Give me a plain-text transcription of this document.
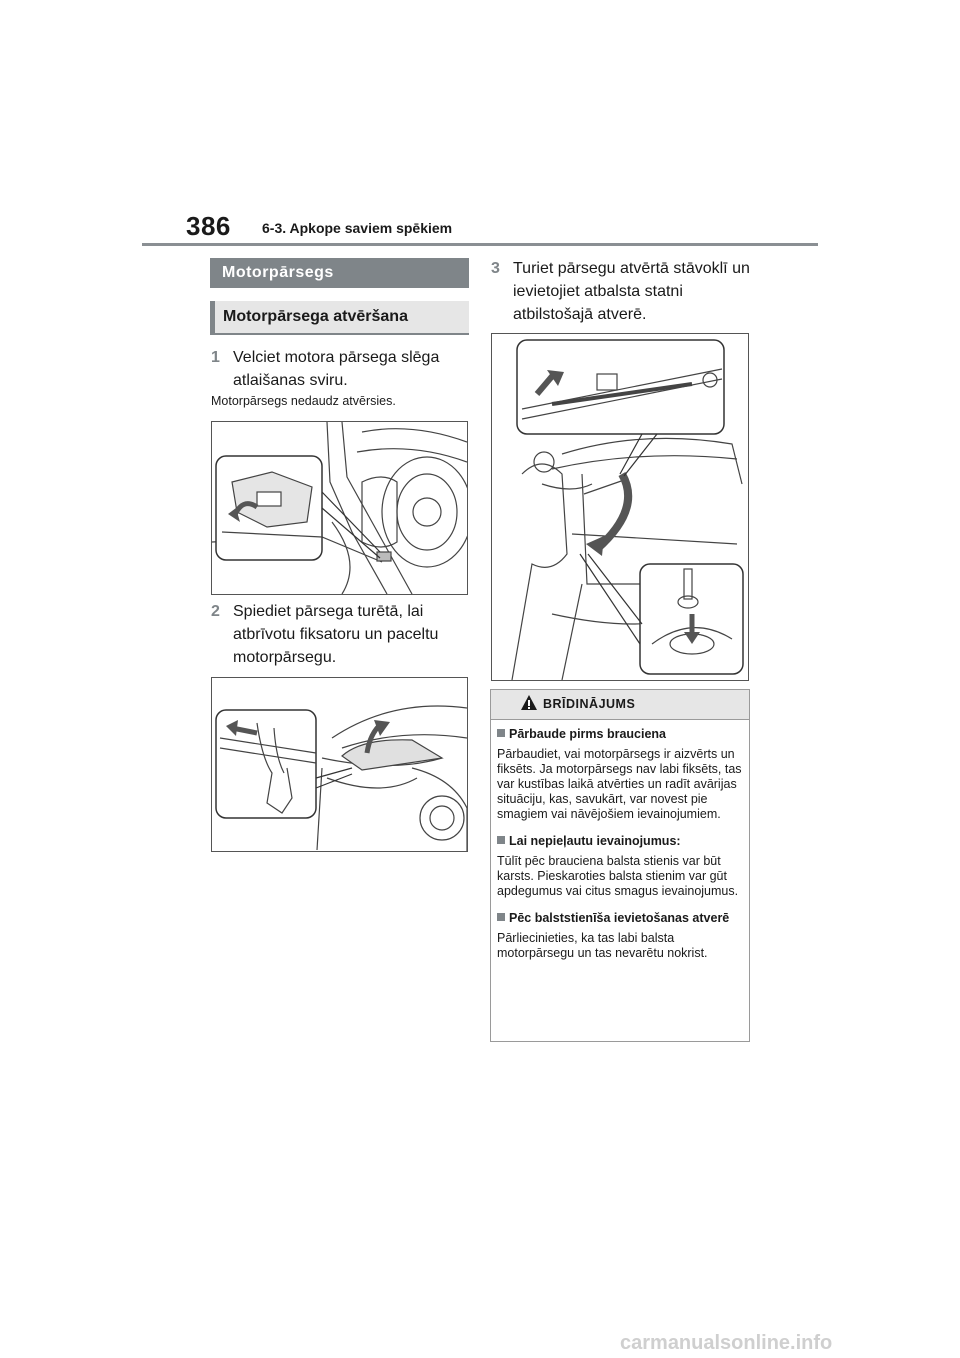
386 6-3. Apkope saviem spēkiem
Motorpārsegs
Motorpārsega atvēršana
1 Velciet motora pārsega slēga atlaišanas sviru.
Motorpārsegs nedaudz atvērsies.
2 Spiediet pārsega turētā, lai atbrīvotu fiksatoru un paceltu motorpārsegu.
3 Turiet pārsegu atvērtā stāvoklī un ievietojiet atbalsta statni atbilstošajā atverē.
BRĪDINĀJUMS
Pārbaude pirms brauciena
Pārbaudiet, vai motorpārsegs ir aizvērts un fiksēts. Ja motorpārsegs nav labi fiksēts, tas var kustības laikā atvērties un radīt avārijas situāciju, kas, savukārt, var novest pie smagiem vai nāvējošiem ievainojumiem.
Lai nepieļautu ievainojumus:
Tūlīt pēc brauciena balsta stienis var būt karsts. Pieskaroties balsta stienim var gūt apdegumus vai citus smagus ievainojumus.
Pēc balststienīša ievietošanas atverē
Pārliecinieties, ka tas labi balsta motorpārsegu un tas nevarētu nokrist.
carmanualsonline.info
